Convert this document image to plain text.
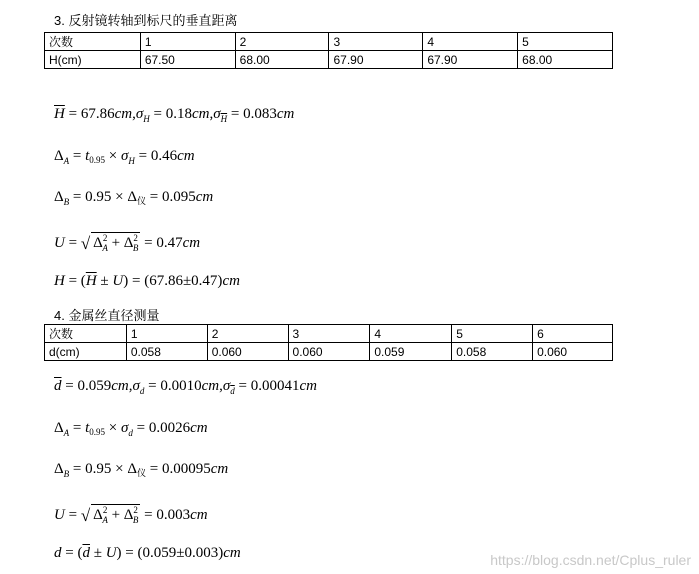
3. 反射镜转轴到标尺的垂直距离
次数	1	2	3	4	5
H(cm)	67.50	68.00	67.90	67.90	68.00
$\overline{H} = 67.86cm,\sigma_H = 0.18cm,\sigma_{\overline{H}} = 0.083cm$
$\Delta_A = t_{0.95} \times \sigma_H = 0.46cm$
$\Delta_B = 0.95 \times \Delta_仪 = 0.095cm$
U = √ $\Delta^2_A + \Delta^2_B = 0.47cm$
$H = (\overline{H} \pm U) = (67.86\pm 0.47)cm$
4. 金属丝直径测量
次数	1	2	3	4	5	6
d(cm)	0.058	0.060	0.060	0.059	0.058	0.060
$\overline{d} = 0.059cm,\sigma_d = 0.0010cm,\sigma_{\overline{d}} = 0.00041cm$
$\Delta_A = t_{0.95} \times \sigma_d = 0.0026cm$
$\Delta_B = 0.95 \times \Delta_仪 = 0.00095cm$
U = √ $\Delta^2_A + \Delta^2_B = 0.003cm$
$d = (\overline{d} \pm U) = (0.059\pm 0.003)cm$	https://blog.csdn.net/Cplus_ruler
